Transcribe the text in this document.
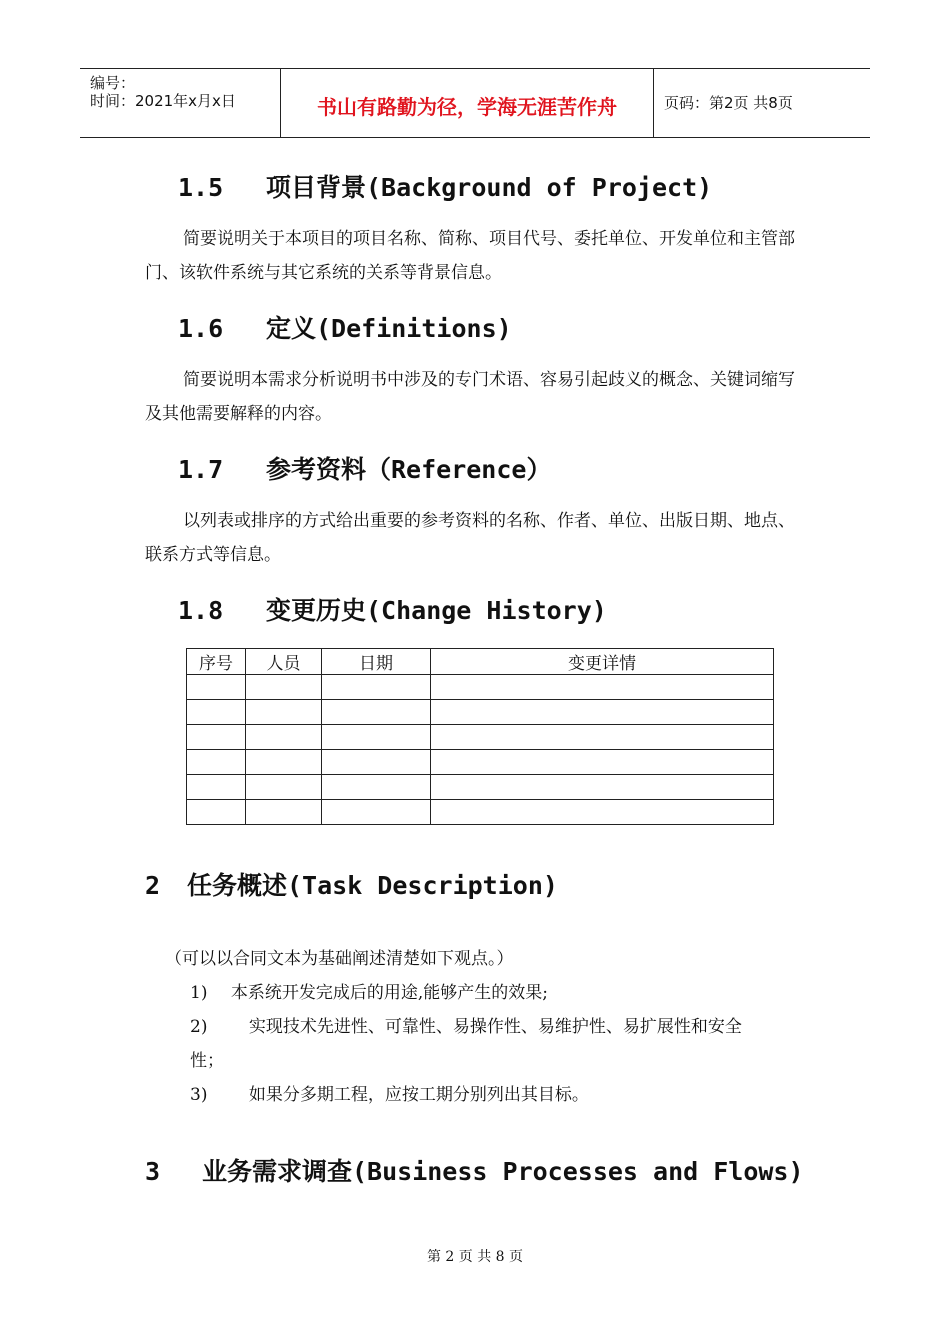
编号：
时间：2021年x月x日	书山有路勤为径，学海无涯苦作舟	页码：第2页 共8页
1.5 项目背景(Background of Project)

简要说明关于本项目的项目名称、简称、项目代号、委托单位、开发单位和主管部门、该软件系统与其它系统的关系等背景信息。

1.6 定义(Definitions)

简要说明本需求分析说明书中涉及的专门术语、容易引起歧义的概念、关键词缩写及其他需要解释的内容。

1.7 参考资料（Reference）

以列表或排序的方式给出重要的参考资料的名称、作者、单位、出版日期、地点、联系方式等信息。

1.8 变更历史(Change History)
序号	人员	日期	变更详情

2 任务概述(Task Description)
（可以以合同文本为基础阐述清楚如下观点。）
1) 本系统开发完成后的用途,能够产生的效果;
2) 实现技术先进性、可靠性、易操作性、易维护性、易扩展性和安全
性；
3) 如果分多期工程，应按工期分别列出其目标。
3 业务需求调查(Business Processes and Flows)
第 2 页 共 8 页
